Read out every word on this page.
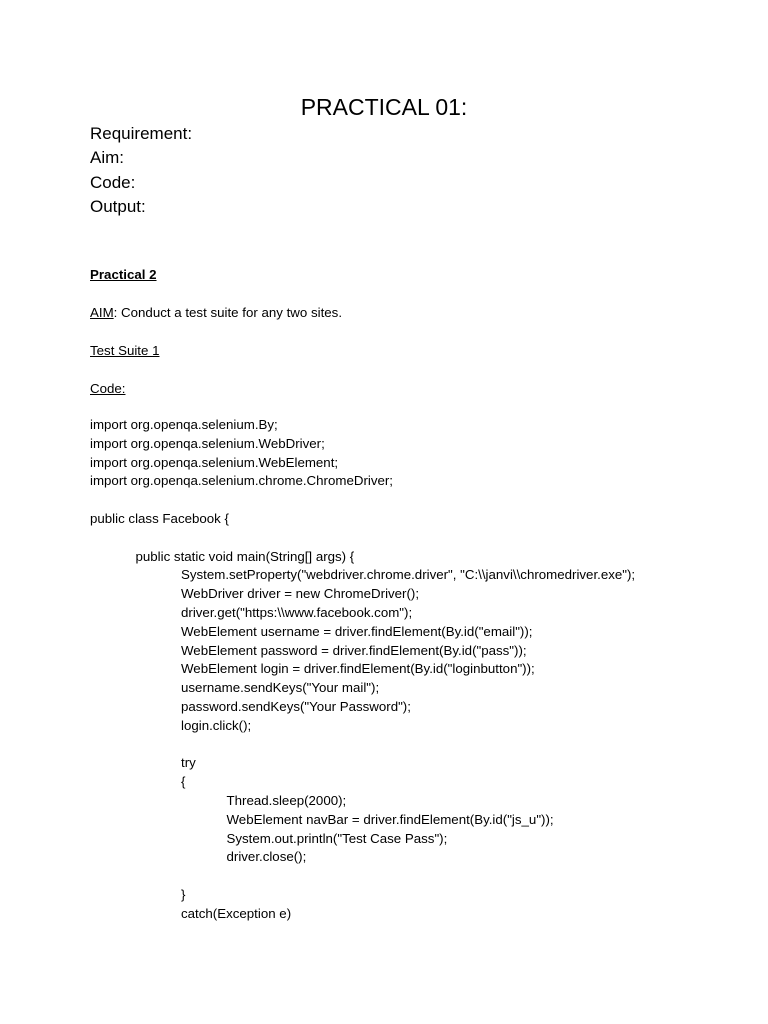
PRACTICAL 01:
Requirement:
Aim:
Code:
Output:
Practical 2
AIM: Conduct a test suite for any two sites.
Test Suite 1
Code:
import org.openqa.selenium.By;
import org.openqa.selenium.WebDriver;
import org.openqa.selenium.WebElement;
import org.openqa.selenium.chrome.ChromeDriver;
public class Facebook {
public static void main(String[] args) {
System.setProperty("webdriver.chrome.driver", "C:\\janvi\\chromedriver.exe");
WebDriver driver = new ChromeDriver();
driver.get("https:\\www.facebook.com");
WebElement username = driver.findElement(By.id("email"));
WebElement password = driver.findElement(By.id("pass"));
WebElement login = driver.findElement(By.id("loginbutton"));
username.sendKeys("Your mail");
password.sendKeys("Your Password");
login.click();
try
{
Thread.sleep(2000);
WebElement navBar = driver.findElement(By.id("js_u"));
System.out.println("Test Case Pass");
driver.close();
}
catch(Exception e)
